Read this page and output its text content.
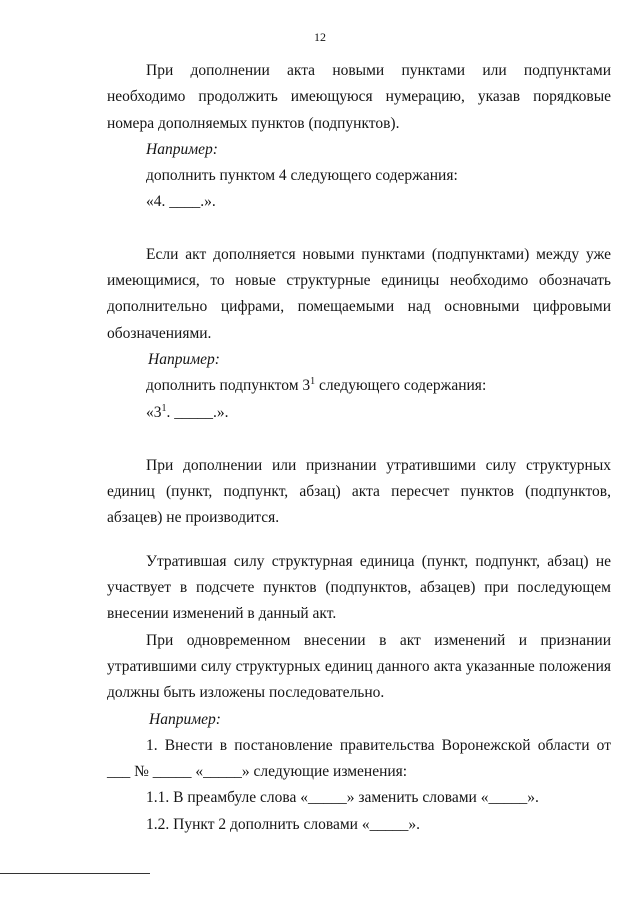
12

При дополнении акта новыми пунктами или подпунктами необходимо продолжить имеющуюся нумерацию, указав порядковые номера дополняемых пунктов (подпунктов).

Например:

дополнить пунктом 4 следующего содержания:

«4. ____.».

Если акт дополняется новыми пунктами (подпунктами) между уже имеющимися, то новые структурные единицы необходимо обозначать дополнительно цифрами, помещаемыми над основными цифровыми обозначениями.

Например:

дополнить подпунктом $3^1$ следующего содержания:

«$3^1$. _____.».

При дополнении или признании утратившими силу структурных единиц (пункт, подпункт, абзац) акта пересчет пунктов (подпунктов, абзацев) не производится.

Утратившая силу структурная единица (пункт, подпункт, абзац) не участвует в подсчете пунктов (подпунктов, абзацев) при последующем внесении изменений в данный акт.

При одновременном внесении в акт изменений и признании утратившими силу структурных единиц данного акта указанные положения должны быть изложены последовательно.

Например:

1. Внести в постановление правительства Воронежской области от ___ № _____ «_____» следующие изменения:

1.1. В преамбуле слова «_____» заменить словами «_____».

1.2. Пункт 2 дополнить словами «_____».
